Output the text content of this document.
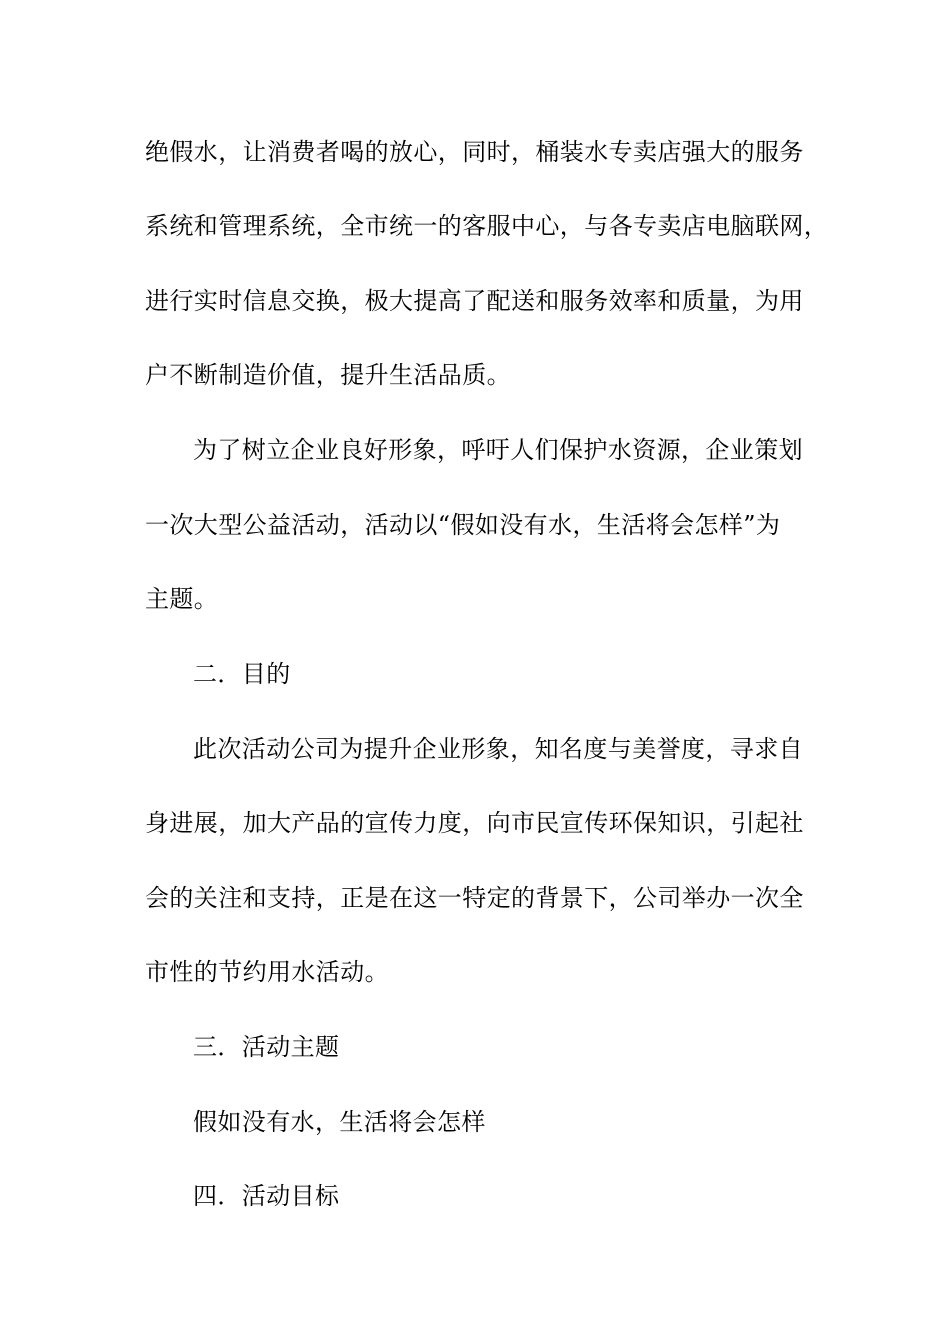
绝假水，让消费者喝的放心，同时，桶装水专卖店强大的服务

系统和管理系统，全市统一的客服中心，与各专卖店电脑联网，

进行实时信息交换，极大提高了配送和服务效率和质量，为用

户不断制造价值，提升生活品质。

为了树立企业良好形象，呼吁人们保护水资源，企业策划

一次大型公益活动，活动以“假如没有水，生活将会怎样”为

主题。

二．目的

此次活动公司为提升企业形象，知名度与美誉度，寻求自

身进展，加大产品的宣传力度，向市民宣传环保知识，引起社

会的关注和支持，正是在这一特定的背景下，公司举办一次全

市性的节约用水活动。

三．活动主题

假如没有水，生活将会怎样

四．活动目标
